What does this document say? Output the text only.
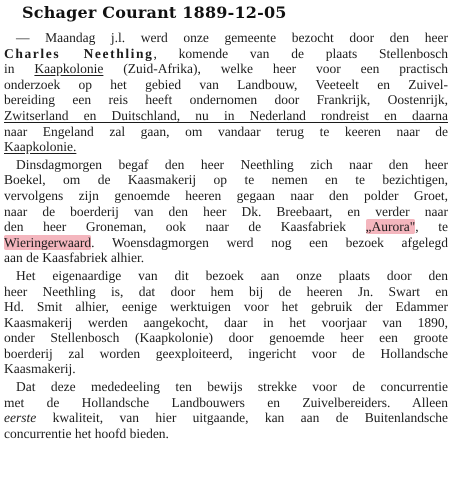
Schager Courant 1889-12-05

— Maandag j.l. werd onze gemeente bezocht door den heer
Charles Neethling, komende van de plaats Stellenbosch
in Kaapkolonie (Zuid-Afrika), welke heer voor een practisch
onderzoek op het gebied van Landbouw, Veeteelt en Zuivel-
bereiding een reis heeft ondernomen door Frankrijk, Oostenrijk,
Zwitserland en Duitschland, nu in Nederland rondreist en daarna
naar Engeland zal gaan, om vandaar terug te keeren naar de
Kaapkolonie.

Dinsdagmorgen begaf den heer Neethling zich naar den heer
Boekel, om de Kaasmakerij op te nemen en te bezichtigen,
vervolgens zijn genoemde heeren gegaan naar den polder Groet,
naar de boerderij van den heer Dk. Breebaart, en verder naar
den heer Groneman, ook naar de Kaasfabriek „Aurora", te
Wieringerwaard. Woensdagmorgen werd nog een bezoek afgelegd
aan de Kaasfabriek alhier.

Het eigenaardige van dit bezoek aan onze plaats door den
heer Neethling is, dat door hem bij de heeren Jn. Swart en
Hd. Smit alhier, eenige werktuigen voor het gebruik der Edammer
Kaasmakerij werden aangekocht, daar in het voorjaar van 1890,
onder Stellenbosch (Kaapkolonie) door genoemde heer een groote
boerderij zal worden geexploiteerd, ingericht voor de Hollandsche
Kaasmakerij.

Dat deze mededeeling ten bewijs strekke voor de concurrentie
met de Hollandsche Landbouwers en Zuivelbereiders. Alleen
eerste kwaliteit, van hier uitgaande, kan aan de Buitenlandsche
concurrentie het hoofd bieden.
